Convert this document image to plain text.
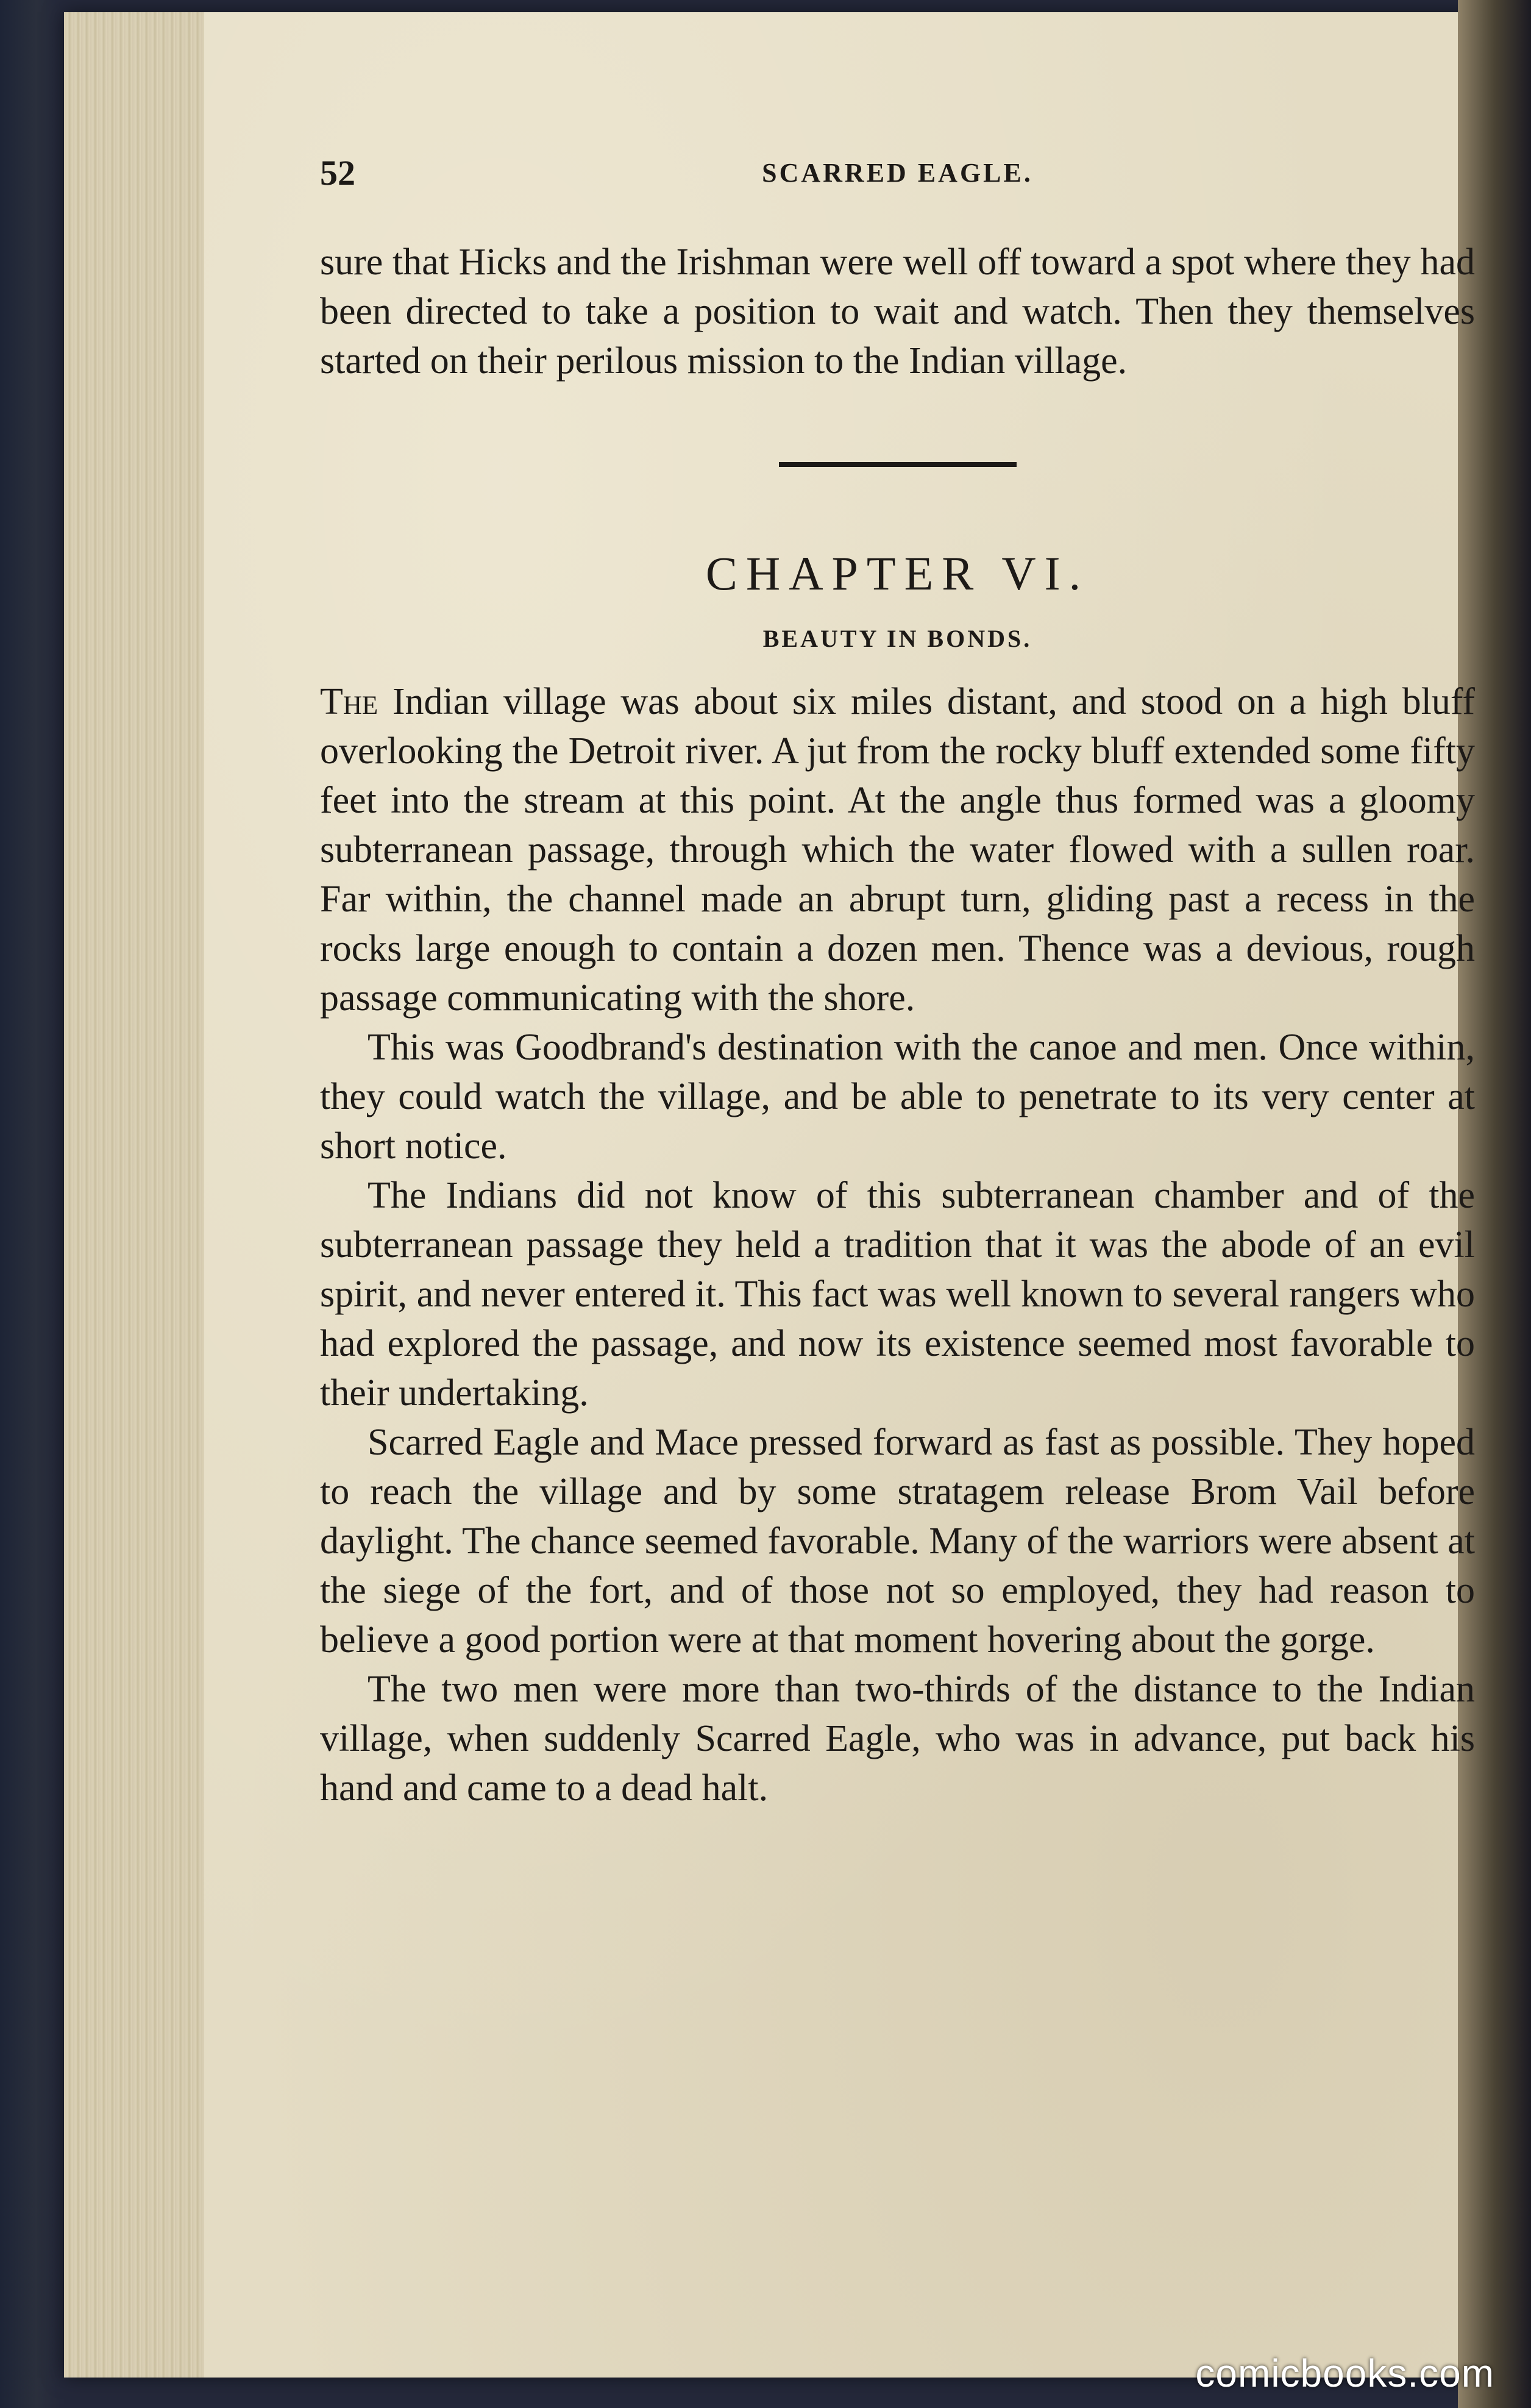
52	SCARRED EAGLE.

sure that Hicks and the Irishman were well off toward a spot where they had been directed to take a position to wait and watch. Then they themselves started on their perilous mission to the Indian village.

CHAPTER VI.
BEAUTY IN BONDS.

The Indian village was about six miles distant, and stood on a high bluff overlooking the Detroit river. A jut from the rocky bluff extended some fifty feet into the stream at this point. At the angle thus formed was a gloomy subterranean passage, through which the water flowed with a sullen roar. Far within, the channel made an abrupt turn, gliding past a recess in the rocks large enough to contain a dozen men. Thence was a devious, rough passage communicating with the shore.

This was Goodbrand's destination with the canoe and men. Once within, they could watch the village, and be able to penetrate to its very center at short notice.

The Indians did not know of this subterranean chamber and of the subterranean passage they held a tradition that it was the abode of an evil spirit, and never entered it. This fact was well known to several rangers who had explored the passage, and now its existence seemed most favorable to their undertaking.

Scarred Eagle and Mace pressed forward as fast as possible. They hoped to reach the village and by some stratagem release Brom Vail before daylight. The chance seemed favorable. Many of the warriors were absent at the siege of the fort, and of those not so employed, they had reason to believe a good portion were at that moment hovering about the gorge.

The two men were more than two-thirds of the distance to the Indian village, when suddenly Scarred Eagle, who was in advance, put back his hand and came to a dead halt.

comicbooks.com
